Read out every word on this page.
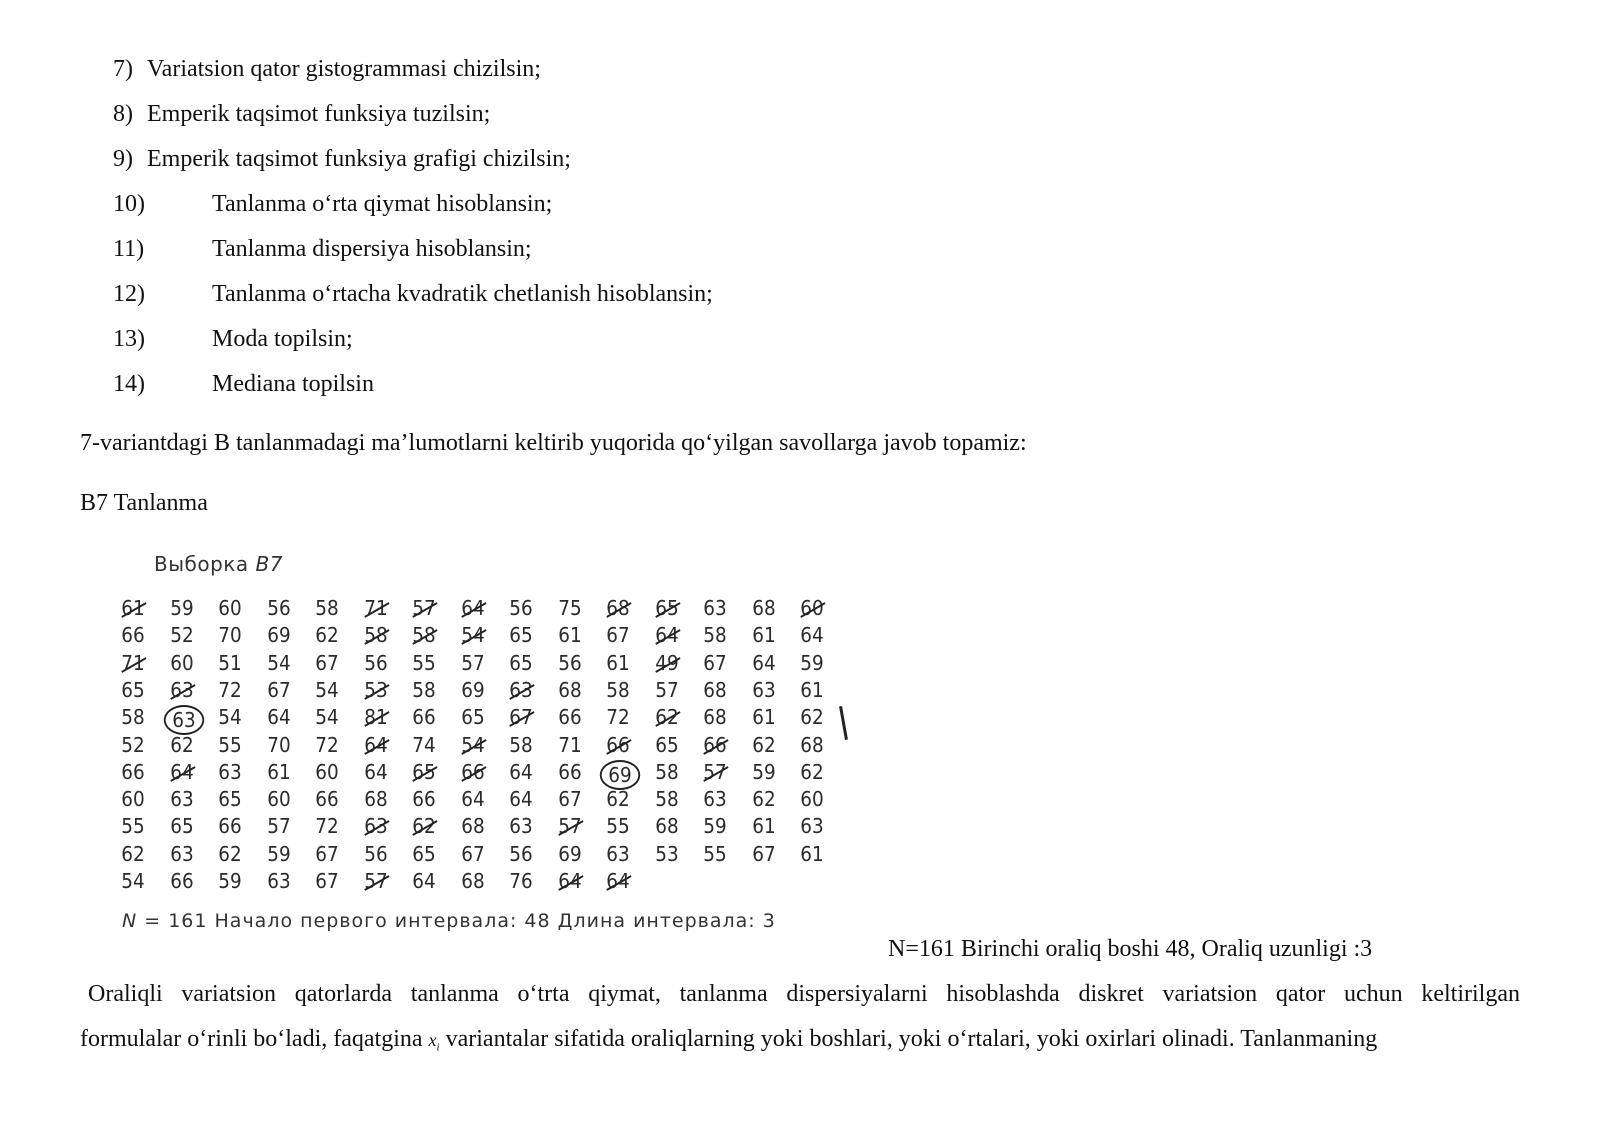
7) Variatsion qator gistogrammasi chizilsin;
8) Emperik taqsimot funksiya tuzilsin;
9) Emperik taqsimot funksiya grafigi chizilsin;
10)	Tanlanma o‘rta qiymat hisoblansin;
11)	Tanlanma dispersiya hisoblansin;
12)	Tanlanma o‘rtacha kvadratik chetlanish hisoblansin;
13)	Moda topilsin;
14)	Mediana topilsin
7-variantdagi B tanlanmadagi ma’lumotlarni keltirib yuqorida qo‘yilgan savollarga javob topamiz:
B7 Tanlanma
Выборка B7
61	59	60	56	58	71	57	64	56	75	68	65	63	68	60
66	52	70	69	62	58	58	54	65	61	67	64	58	61	64
71	60	51	54	67	56	55	57	65	56	61	49	67	64	59
65	63	72	67	54	53	58	69	63	68	58	57	68	63	61
58	63	54	64	54	81	66	65	67	66	72	62	68	61	62
52	62	55	70	72	64	74	54	58	71	66	65	66	62	68
66	64	63	61	60	64	65	66	64	66	69	58	57	59	62
60	63	65	60	66	68	66	64	64	67	62	58	63	62	60
55	65	66	57	72	63	62	68	63	57	55	68	59	61	63
62	63	62	59	67	56	65	67	56	69	63	53	55	67	61
54	66	59	63	67	57	64	68	76	64	64
N = 161 Начало первого интервала: 48 Длина интервала: 3
N=161 Birinchi oraliq boshi 48, Oraliq uzunligi :3
Oraliqli variatsion qatorlarda tanlanma o‘trta qiymat, tanlanma dispersiyalarni hisoblashda diskret variatsion qator uchun keltirilgan
formulalar o‘rinli bo‘ladi, faqatgina $x_i$ variantalar sifatida oraliqlarning yoki boshlari, yoki o‘rtalari, yoki oxirlari olinadi. Tanlanmaning
